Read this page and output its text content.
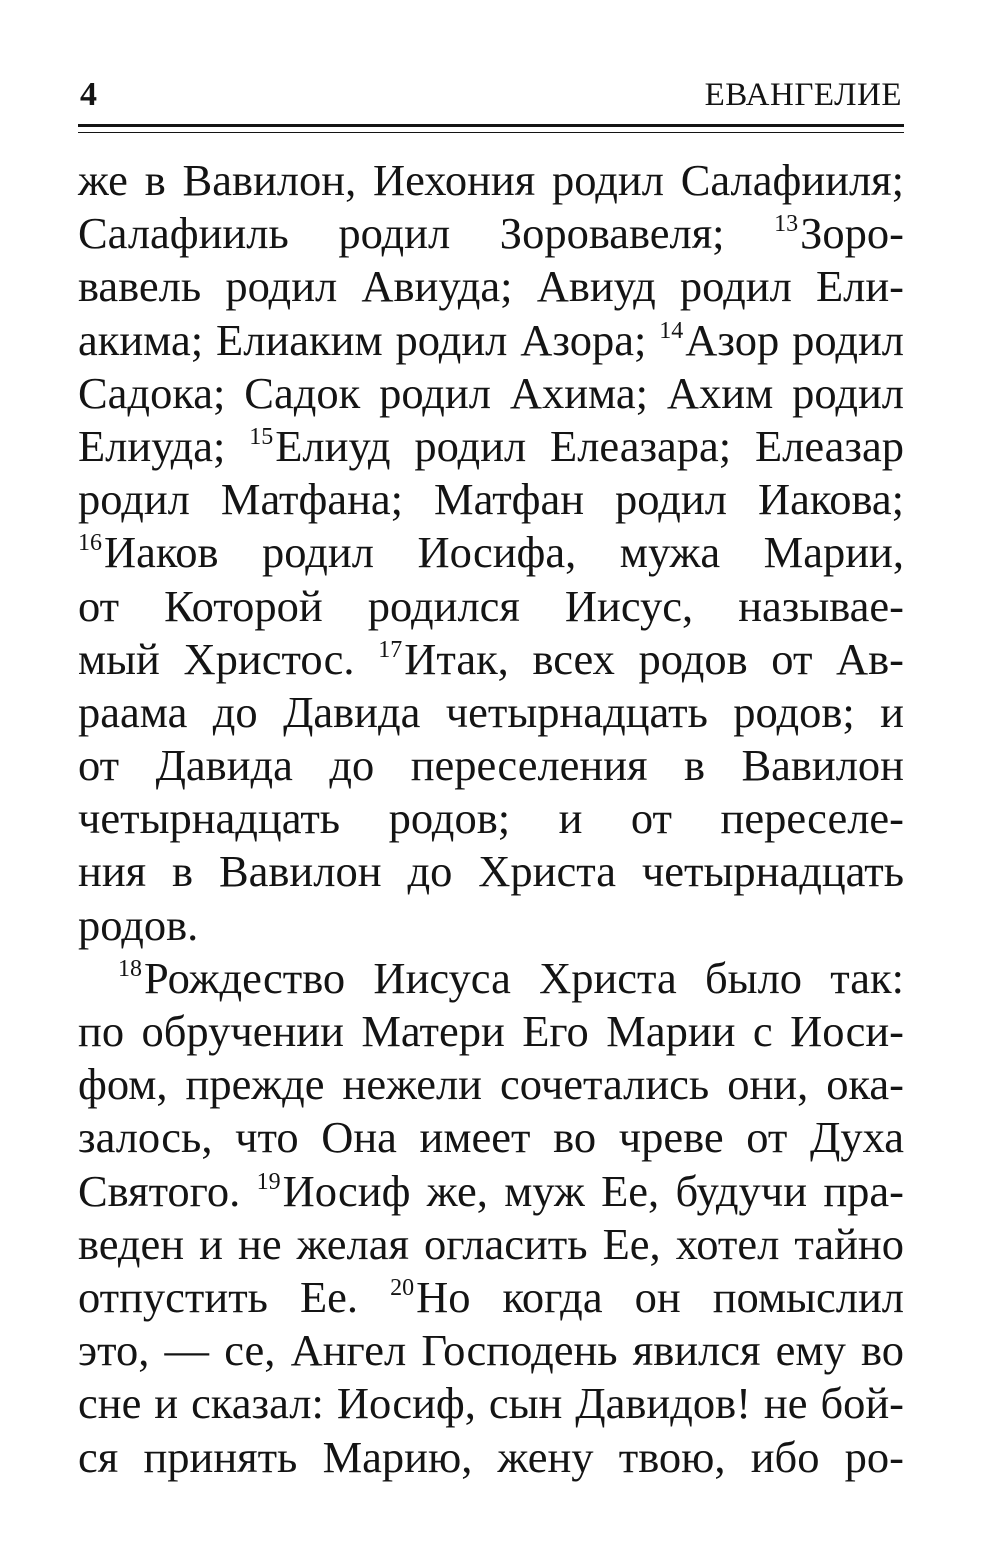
4	ЕВАНГЕЛИЕ
же в Вавилон, Иехония родил Салафииля;
Салафииль родил Зоровавеля; $^{13}$Зоро-
вавель родил Авиуда; Авиуд родил Ели-
акима; Елиаким родил Азора; $^{14}$Азор родил
Садока; Садок родил Ахима; Ахим родил
Елиуда; $^{15}$Елиуд родил Елеазара; Елеазар
родил Матфана; Матфан родил Иакова;
$^{16}$Иаков родил Иосифа, мужа Марии,
от Которой родился Иисус, называе-
мый Христос. $^{17}$Итак, всех родов от Ав-
раама до Давида четырнадцать родов; и
от Давида до переселения в Вавилон
четырнадцать родов; и от переселе-
ния в Вавилон до Христа четырнадцать
родов.
$^{18}$Рождество Иисуса Христа было так:
по обручении Матери Его Марии с Иоси-
фом, прежде нежели сочетались они, ока-
залось, что Она имеет во чреве от Духа
Святого. $^{19}$Иосиф же, муж Ее, будучи пра-
веден и не желая огласить Ее, хотел тайно
отпустить Ее. $^{20}$Но когда он помыслил
это, — се, Ангел Господень явился ему во
сне и сказал: Иосиф, сын Давидов! не бой-
ся принять Марию, жену твою, ибо ро-
